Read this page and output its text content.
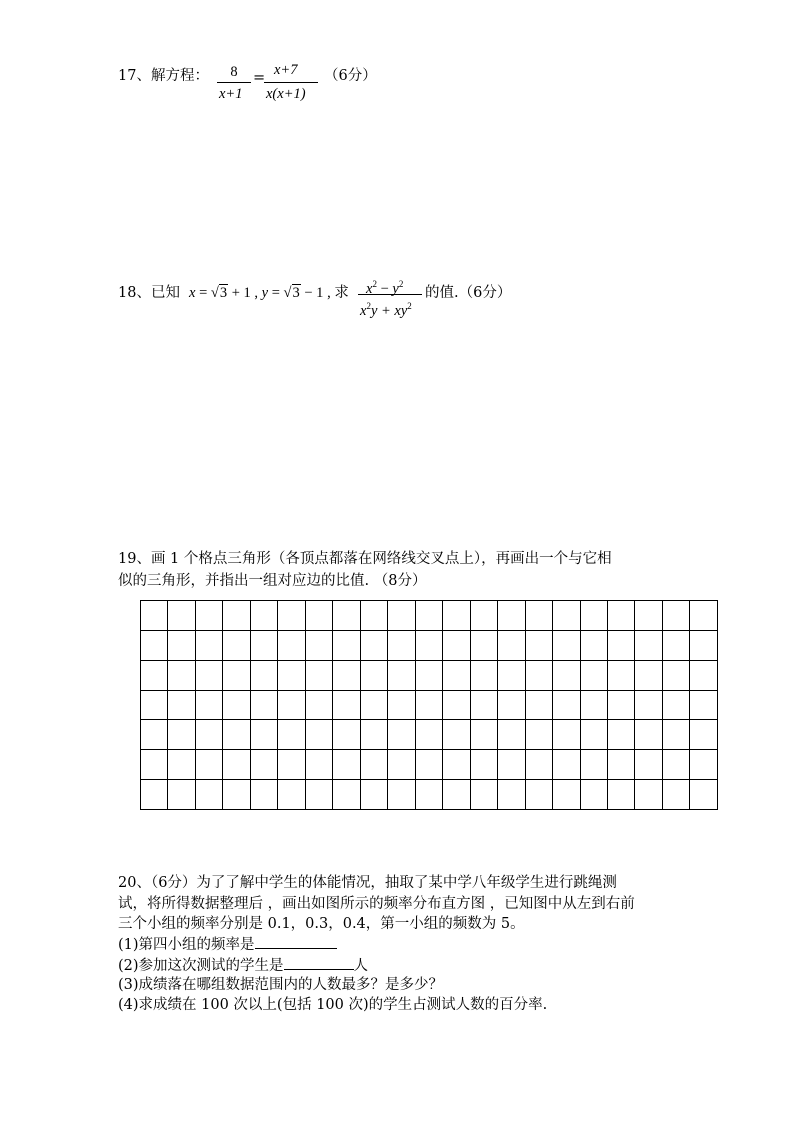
17、解方程：	8
x+1
= x+7
x(x+1)
（6分）
18、已知 x = √3 + 1 , y = √3 − 1 , 求 $x^2 - y^2$
$x^2y + xy^2$
的值.（6分）
19、画 1 个格点三角形（各顶点都落在网络线交叉点上），再画出一个与它相
似的三角形，并指出一组对应边的比值. （8分）

20、（6分）为了了解中学生的体能情况，抽取了某中学八年级学生进行跳绳测
试，将所得数据整理后 ，画出如图所示的频率分布直方图 ，已知图中从左到右前
三个小组的频率分别是 0.1，0.3，0.4，第一小组的频数为 5。
(1)第四小组的频率是
(2)参加这次测试的学生是	人
(3)成绩落在哪组数据范围内的人数最多？是多少？
(4)求成绩在 100 次以上(包括 100 次)的学生占测试人数的百分率.
